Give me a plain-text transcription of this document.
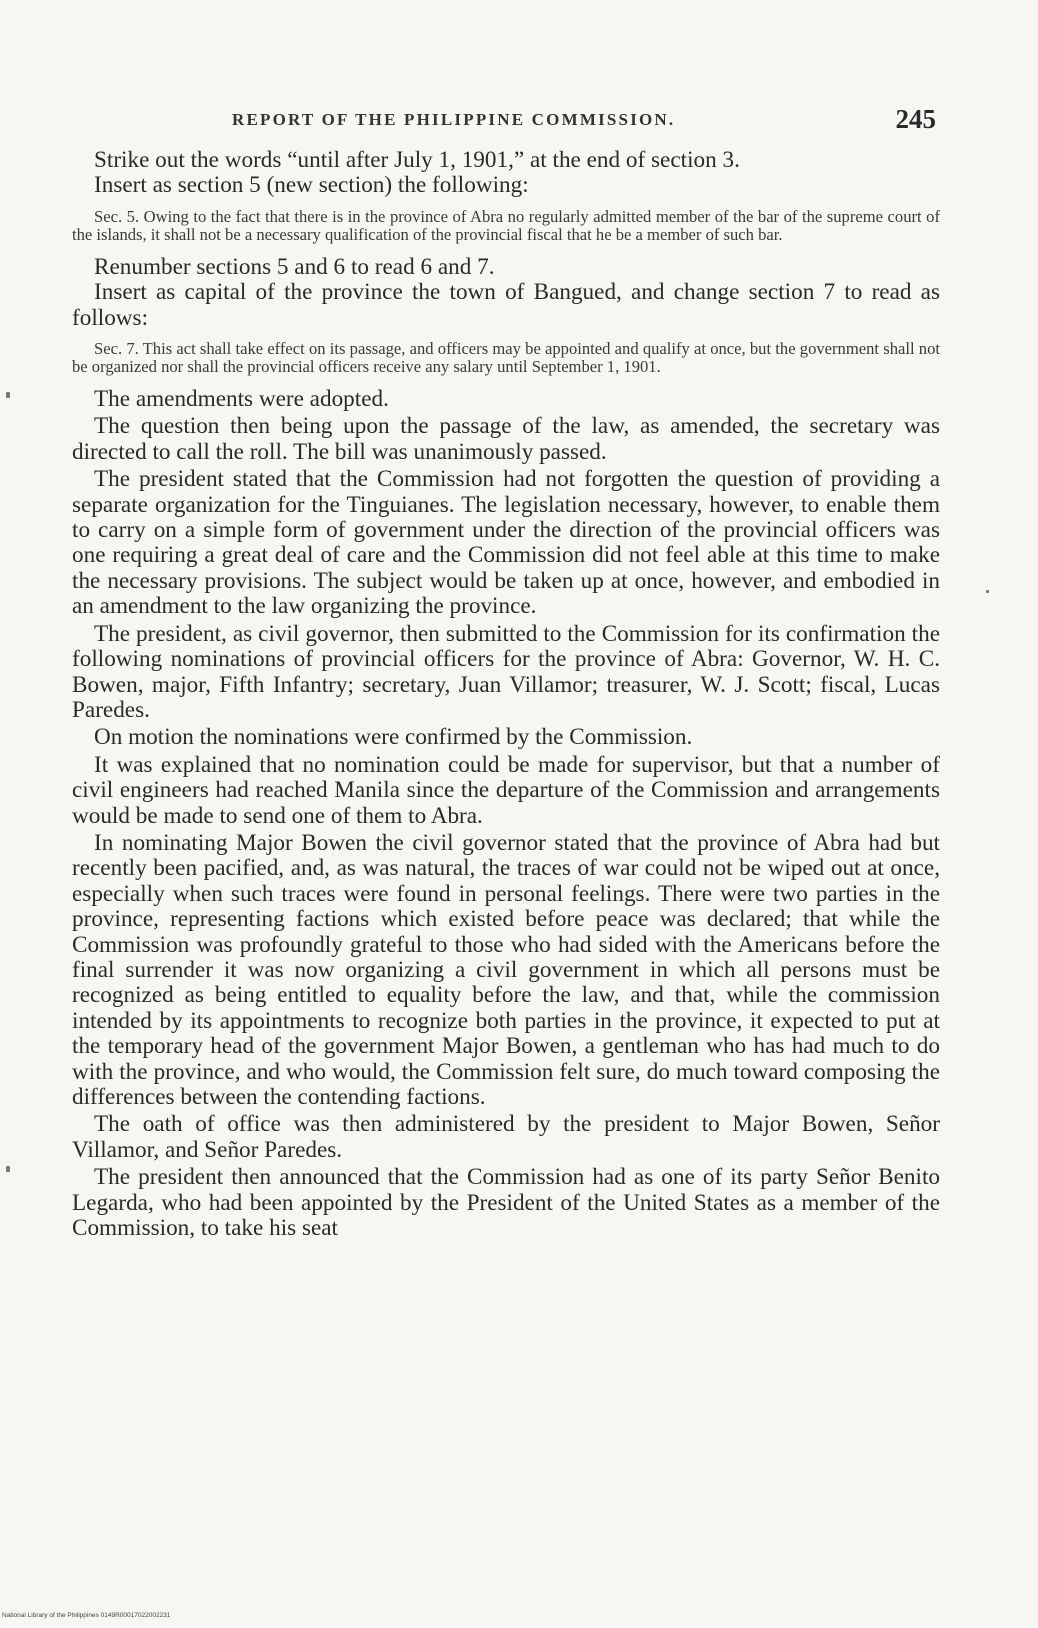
REPORT OF THE PHILIPPINE COMMISSION.	245

Strike out the words “until after July 1, 1901,” at the end of section 3.

Insert as section 5 (new section) the following:

Sec. 5. Owing to the fact that there is in the province of Abra no regularly admitted member of the bar of the supreme court of the islands, it shall not be a necessary qualification of the provincial fiscal that he be a member of such bar.

Renumber sections 5 and 6 to read 6 and 7.

Insert as capital of the province the town of Bangued, and change section 7 to read as follows:

Sec. 7. This act shall take effect on its passage, and officers may be appointed and qualify at once, but the government shall not be organized nor shall the provincial officers receive any salary until September 1, 1901.

The amendments were adopted.

The question then being upon the passage of the law, as amended, the secretary was directed to call the roll. The bill was unanimously passed.

The president stated that the Commission had not forgotten the question of providing a separate organization for the Tinguianes. The legislation necessary, however, to enable them to carry on a simple form of government under the direction of the provincial officers was one requiring a great deal of care and the Commission did not feel able at this time to make the necessary provisions. The subject would be taken up at once, however, and embodied in an amendment to the law organizing the province.

The president, as civil governor, then submitted to the Commission for its confirmation the following nominations of provincial officers for the province of Abra: Governor, W. H. C. Bowen, major, Fifth Infantry; secretary, Juan Villamor; treasurer, W. J. Scott; fiscal, Lucas Paredes.

On motion the nominations were confirmed by the Commission.

It was explained that no nomination could be made for supervisor, but that a number of civil engineers had reached Manila since the departure of the Commission and arrangements would be made to send one of them to Abra.

In nominating Major Bowen the civil governor stated that the province of Abra had but recently been pacified, and, as was natural, the traces of war could not be wiped out at once, especially when such traces were found in personal feelings. There were two parties in the province, representing factions which existed before peace was declared; that while the Commission was profoundly grateful to those who had sided with the Americans before the final surrender it was now organizing a civil government in which all persons must be recognized as being entitled to equality before the law, and that, while the commission intended by its appointments to recognize both parties in the province, it expected to put at the temporary head of the government Major Bowen, a gentleman who has had much to do with the province, and who would, the Commission felt sure, do much toward composing the differences between the contending factions.

The oath of office was then administered by the president to Major Bowen, Señor Villamor, and Señor Paredes.

The president then announced that the Commission had as one of its party Señor Benito Legarda, who had been appointed by the President of the United States as a member of the Commission, to take his seat

National Library of the Philippines 0149R00017022002231
